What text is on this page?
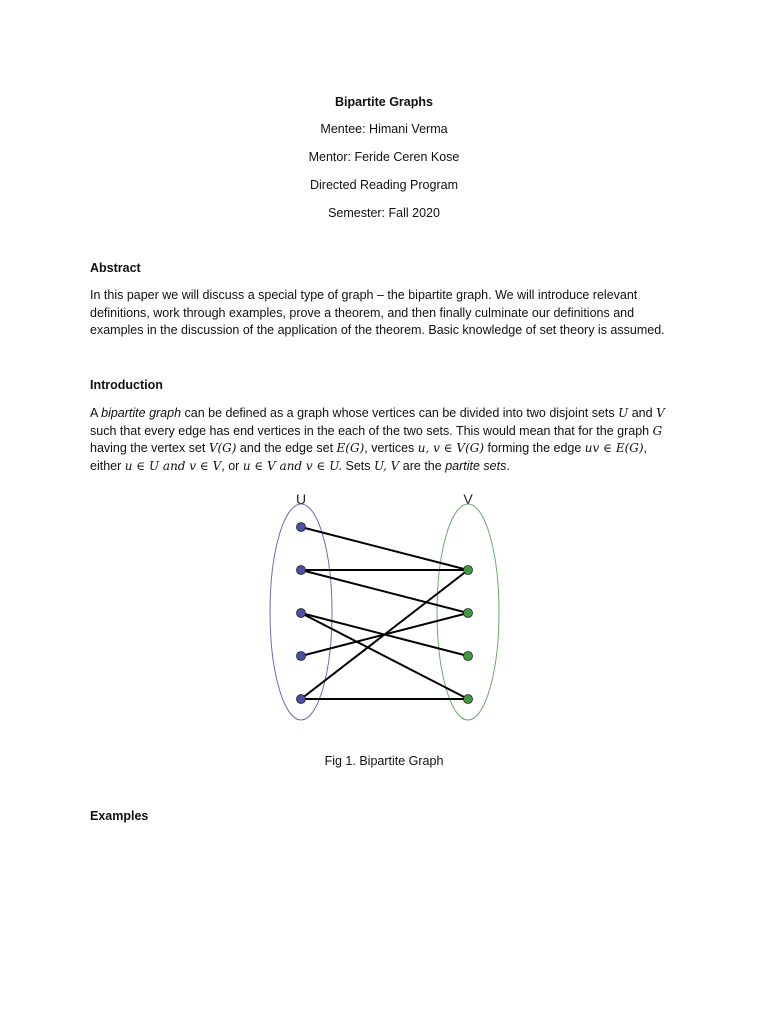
Bipartite Graphs
Mentee: Himani Verma
Mentor: Feride Ceren Kose
Directed Reading Program
Semester: Fall 2020
Abstract
In this paper we will discuss a special type of graph – the bipartite graph. We will introduce relevant
definitions, work through examples, prove a theorem, and then finally culminate our definitions and
examples in the discussion of the application of the theorem. Basic knowledge of set theory is assumed.
Introduction
A bipartite graph can be defined as a graph whose vertices can be divided into two disjoint sets U and V
such that every edge has end vertices in the each of the two sets. This would mean that for the graph G
having the vertex set V(G) and the edge set E(G), vertices u, v ∈ V(G) forming the edge uv ∈ E(G),
either u ∈ U and v ∈ V, or u ∈ V and v ∈ U. Sets U, V are the partite sets.
U	V
Fig 1. Bipartite Graph
Examples
